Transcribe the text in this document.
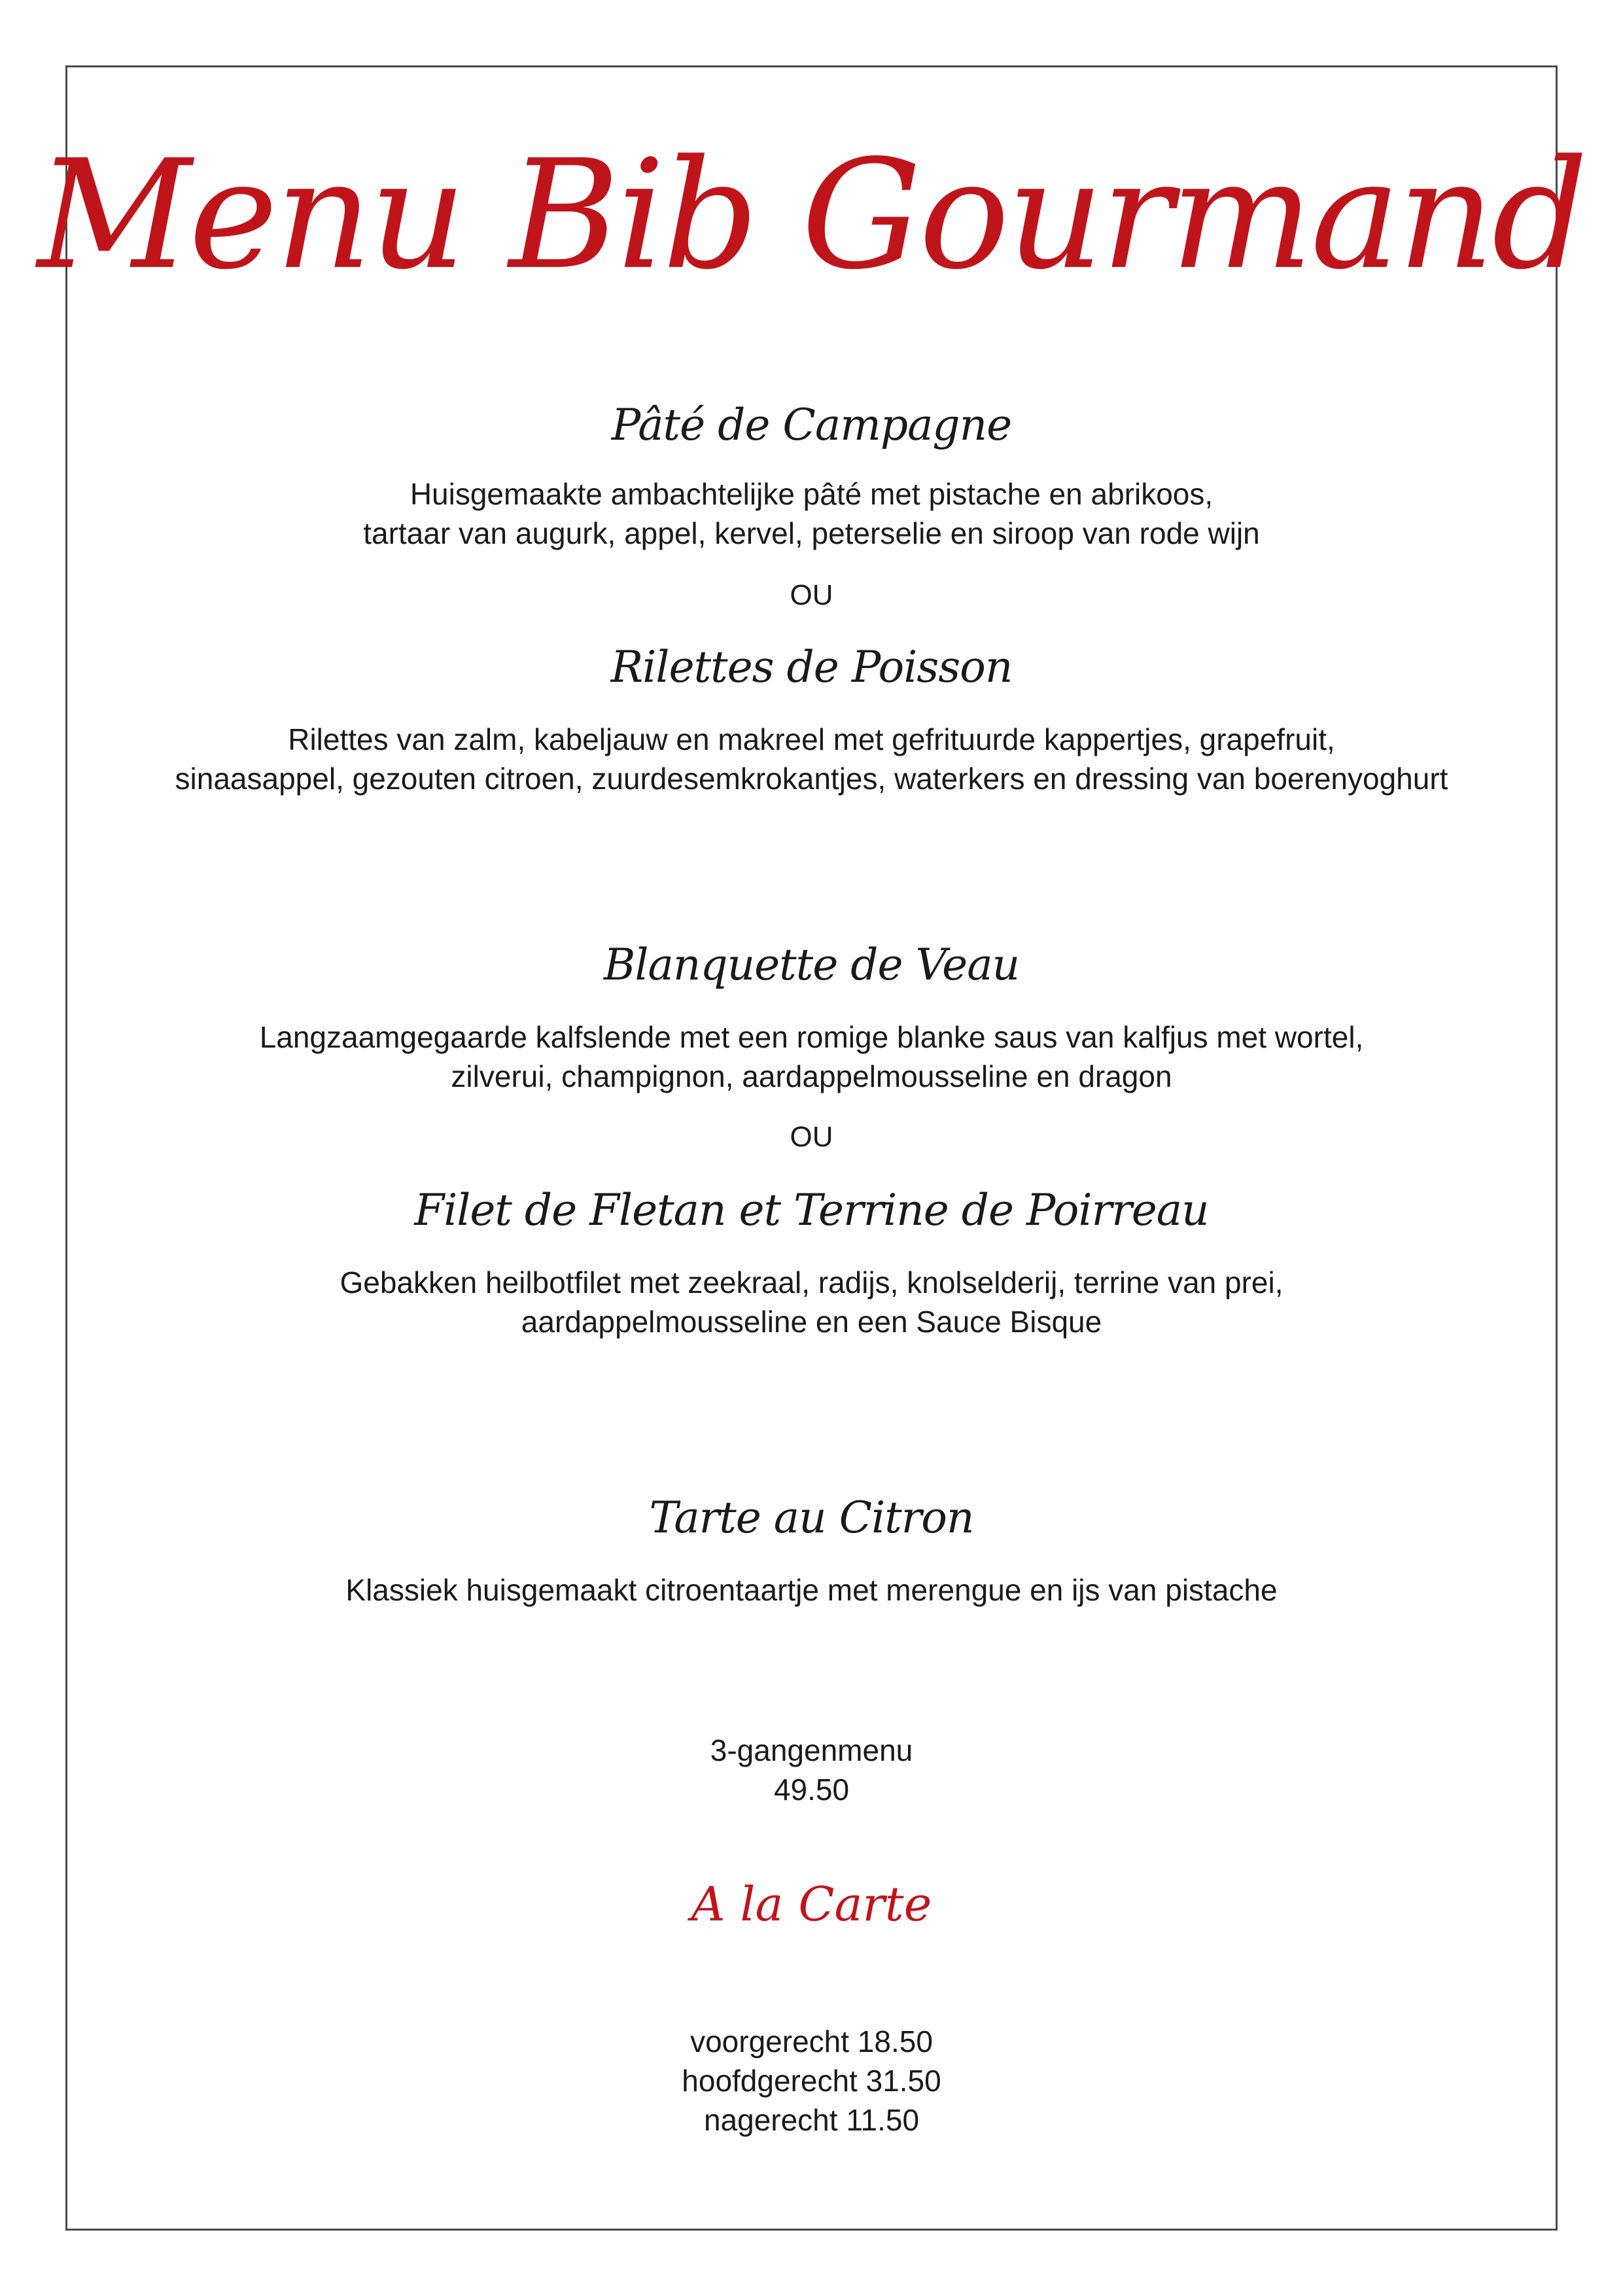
Menu Bib Gourmand
Pâté de Campagne
Huisgemaakte ambachtelijke pâté met pistache en abrikoos,
tartaar van augurk, appel, kervel, peterselie en siroop van rode wijn
OU
Rilettes de Poisson
Rilettes van zalm, kabeljauw en makreel met gefrituurde kappertjes, grapefruit,
sinaasappel, gezouten citroen, zuurdesemkrokantjes, waterkers en dressing van boerenyoghurt
Blanquette de Veau
Langzaamgegaarde kalfslende met een romige blanke saus van kalfjus met wortel,
zilverui, champignon, aardappelmousseline en dragon
OU
Filet de Fletan et Terrine de Poirreau
Gebakken heilbotfilet met zeekraal, radijs, knolselderij, terrine van prei,
aardappelmousseline en een Sauce Bisque
Tarte au Citron
Klassiek huisgemaakt citroentaartje met merengue en ijs van pistache
3-gangenmenu
49.50
A la Carte
voorgerecht 18.50
hoofdgerecht 31.50
nagerecht 11.50
